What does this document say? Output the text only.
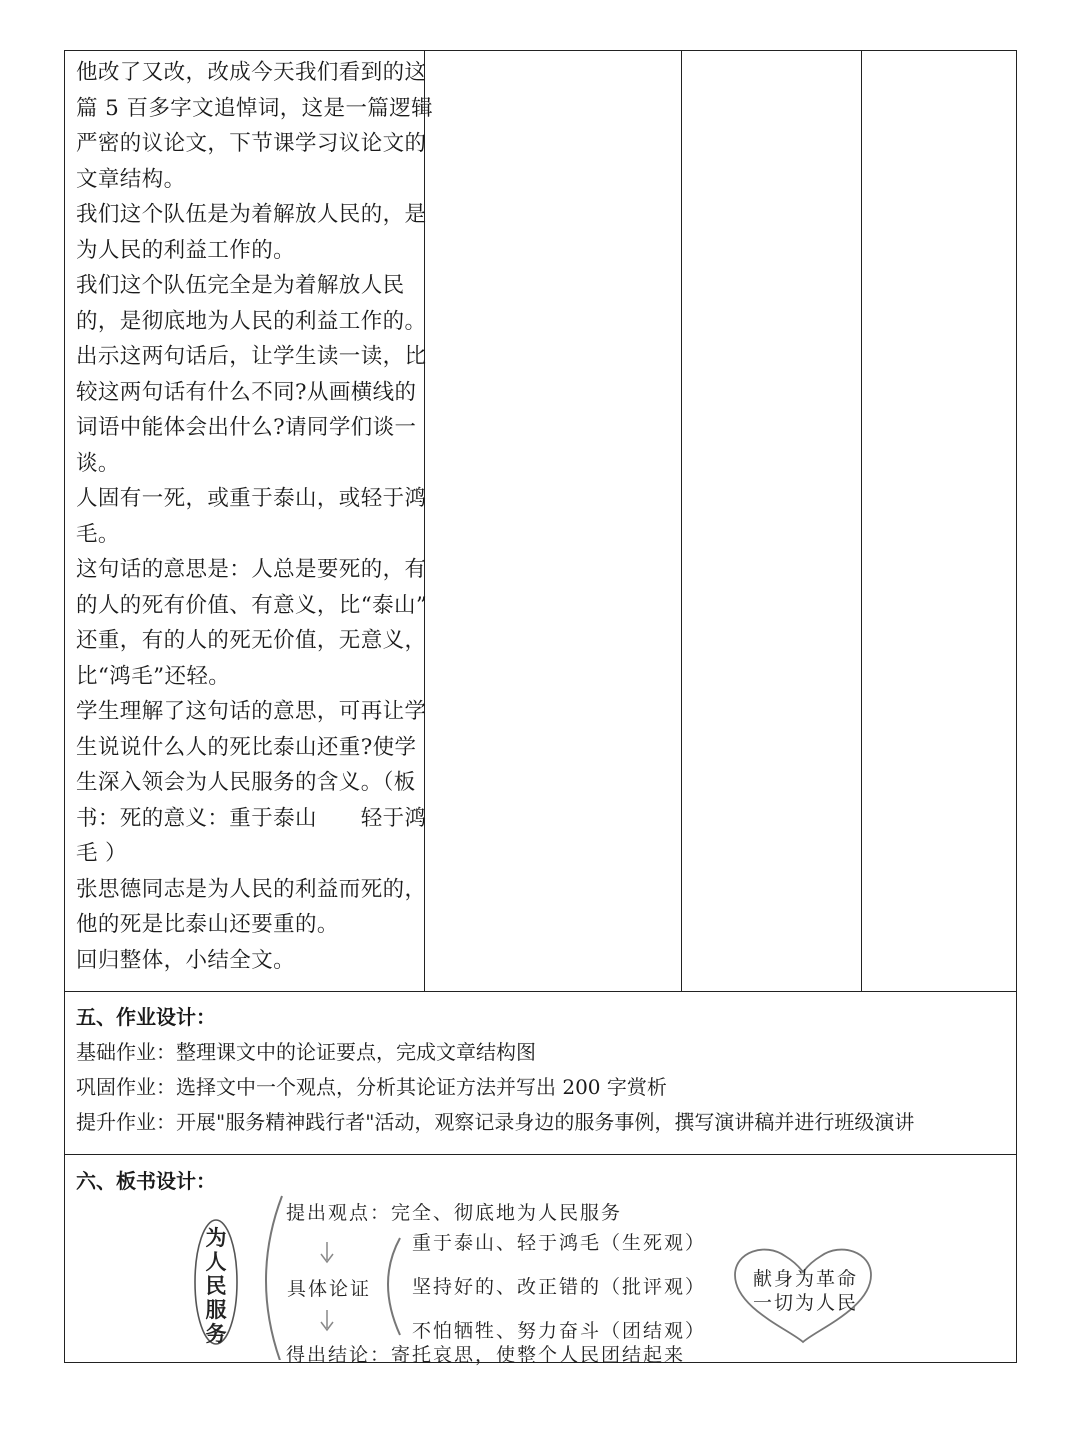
他改了又改，改成今天我们看到的这

篇 5 百多字文追悼词，这是一篇逻辑

严密的议论文，下节课学习议论文的

文章结构。

我们这个队伍是为着解放人民的，是

为人民的利益工作的。

我们这个队伍完全是为着解放人民

的，是彻底地为人民的利益工作的。

出示这两句话后，让学生读一读，比

较这两句话有什么不同?从画横线的

词语中能体会出什么?请同学们谈一

谈。

人固有一死，或重于泰山，或轻于鸿

毛。

这句话的意思是：人总是要死的，有

的人的死有价值、有意义，比“泰山”

还重，有的人的死无价值，无意义，

比“鸿毛”还轻。

学生理解了这句话的意思，可再让学

生说说什么人的死比泰山还重?使学

生深入领会为人民服务的含义。（板

书：死的意义：重于泰山　　轻于鸿

毛 ）

张思德同志是为人民的利益而死的，

他的死是比泰山还要重的。

回归整体，小结全文。

五、作业设计：

基础作业：整理课文中的论证要点，完成文章结构图

巩固作业：选择文中一个观点，分析其论证方法并写出 200 字赏析

提升作业：开展"服务精神践行者"活动，观察记录身边的服务事例，撰写演讲稿并进行班级演讲

六、板书设计：

为
人
民
服
务
提出观点：完全、彻底地为人民服务
具体论证
重于泰山、轻于鸿毛（生死观）
坚持好的、改正错的（批评观）
不怕牺牲、努力奋斗（团结观）
得出结论：寄托哀思，使整个人民团结起来
献身为革命
一切为人民
